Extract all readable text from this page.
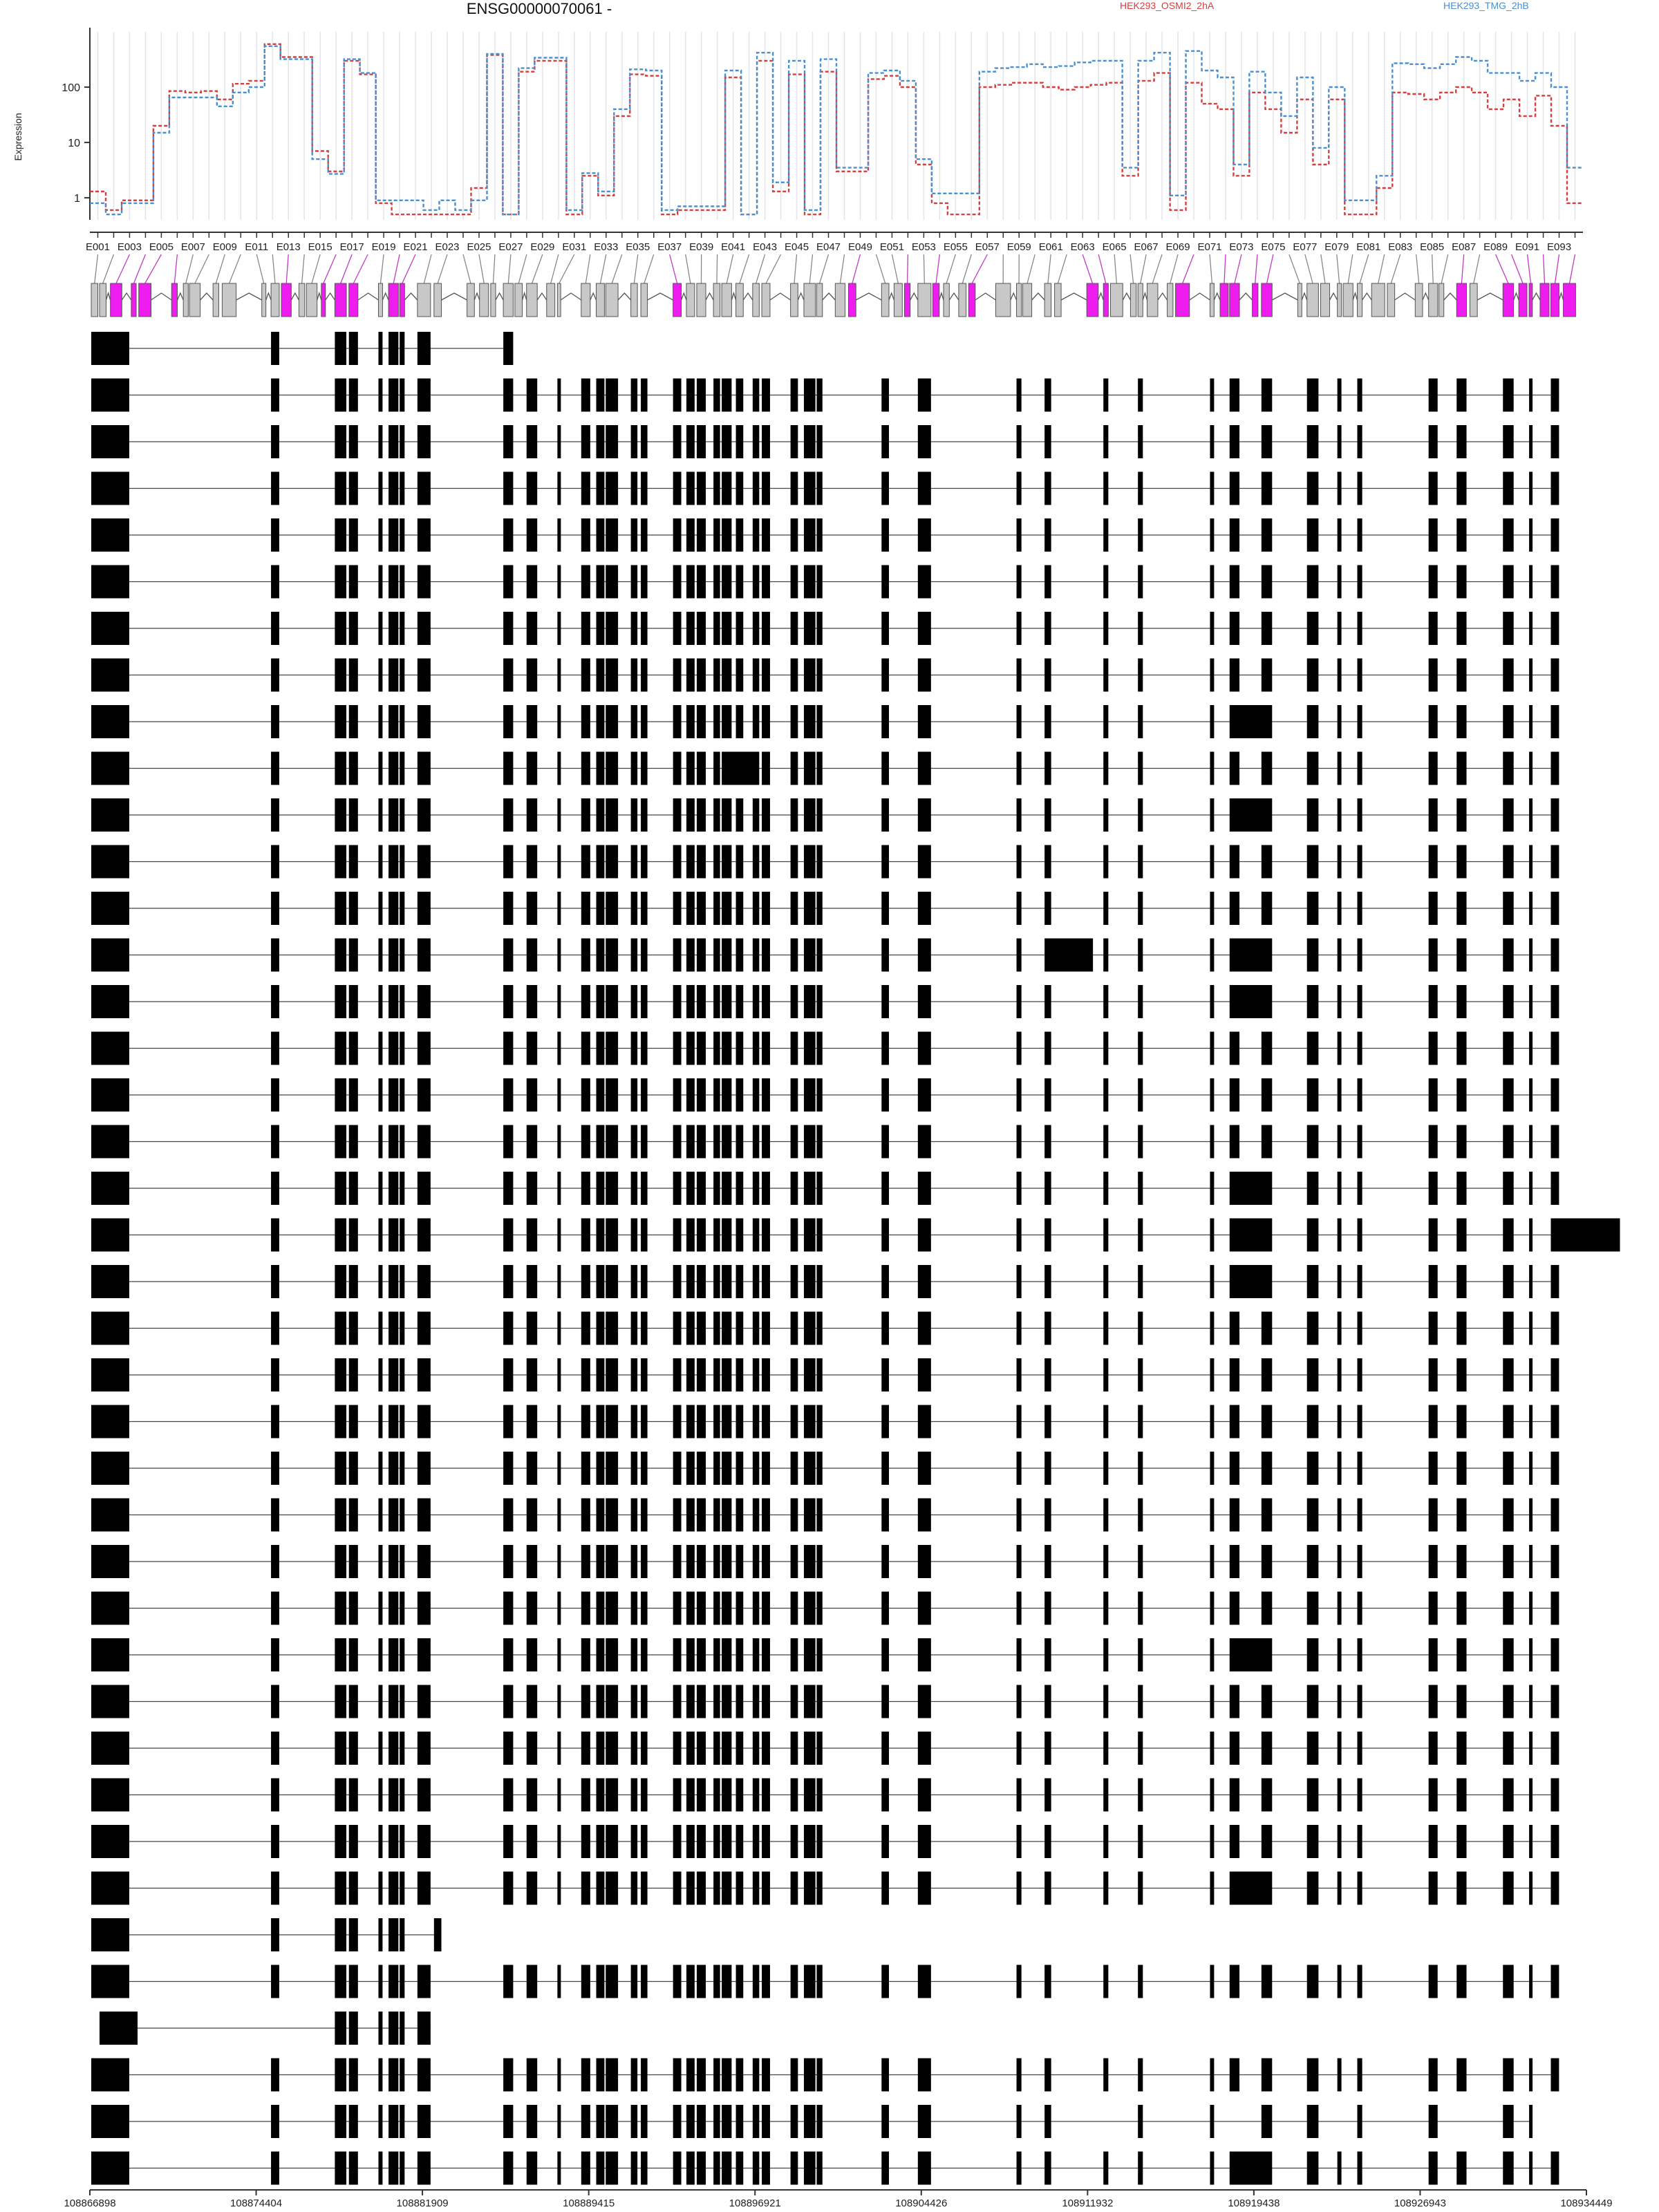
ENSG00000070061 -	HEK293_OSMI2_2hA	HEK293_TMG_2hB
Expression
1
10
100
E001 E003 E005 E007 E009 E011 E013 E015 E017 E019 E021 E023 E025 E027 E029 E031 E033 E035 E037 E039 E041 E043 E045 E047 E049 E051 E053 E055 E057 E059 E061 E063 E065 E067 E069 E071 E073 E075 E077 E079 E081 E083 E085 E087 E089 E091 E093
108866898	108874404	108881909	108889415	108896921	108904426	108911932	108919438	108926943	108934449
